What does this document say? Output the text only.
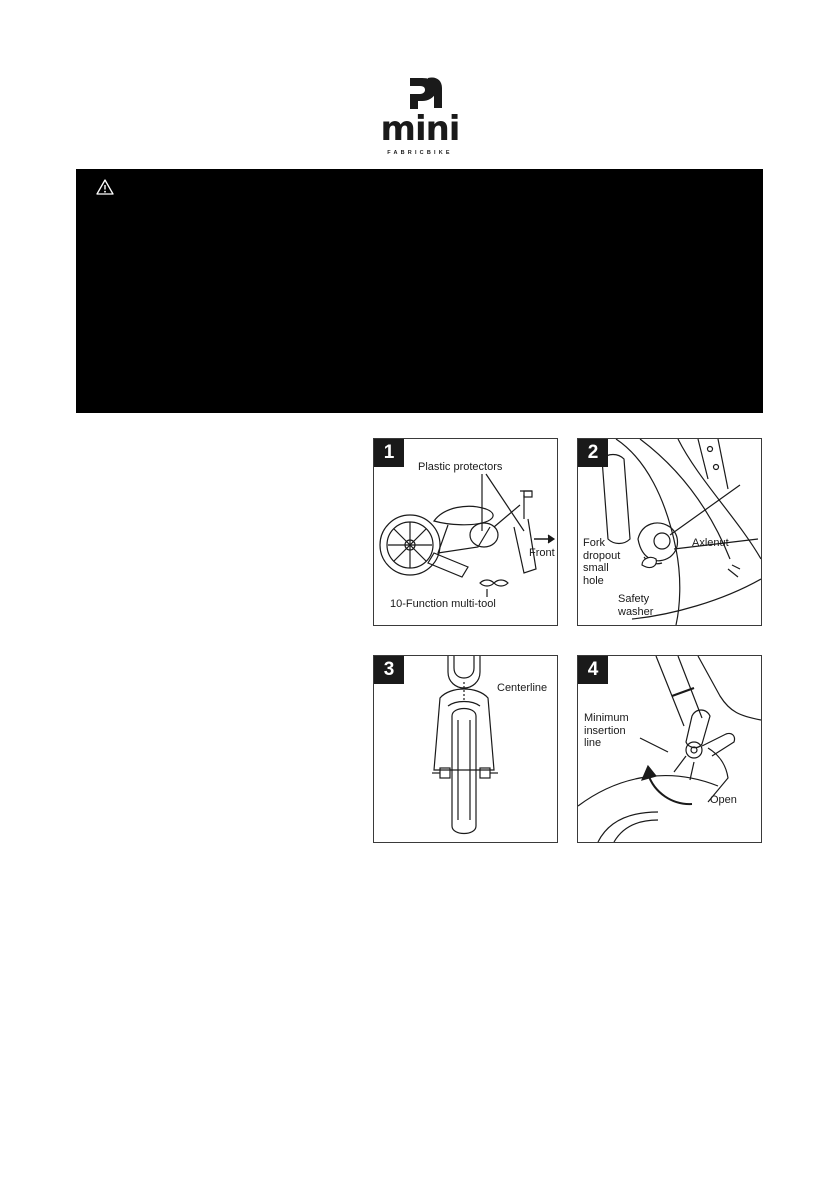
mini
FABRICBIKE
1
Plastic protectors
Front
10-Function multi-tool
2
Fork
dropout
small
hole
Axlenut
Safety
washer
3
Centerline
4
Minimum
insertion
line
Open
